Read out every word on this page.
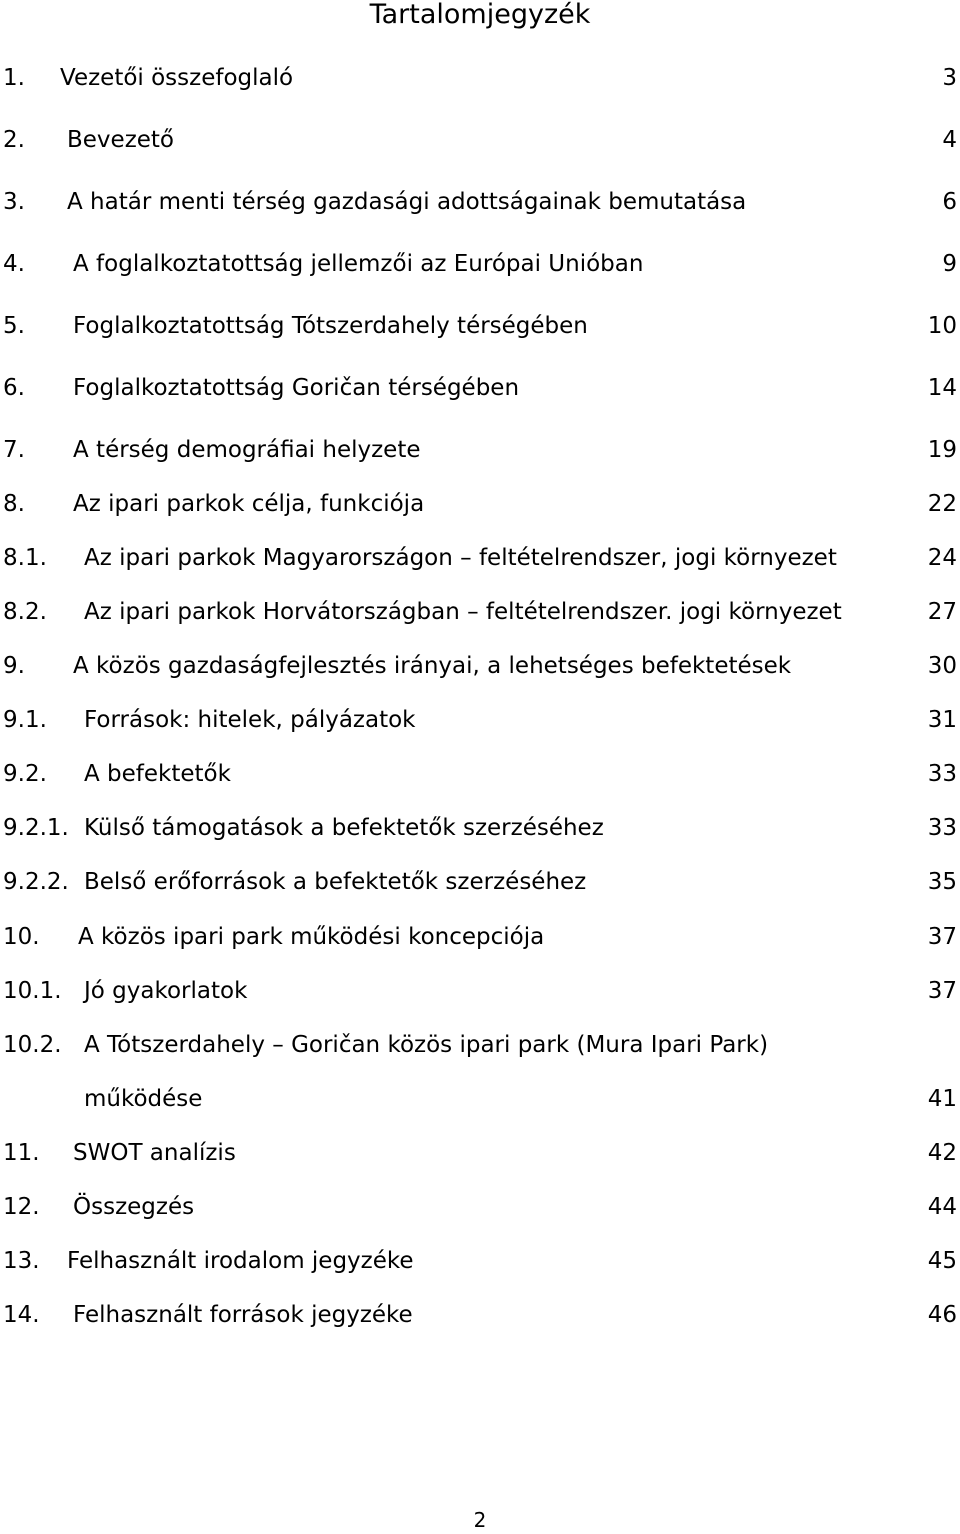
Tartalomjegyzék
1. Vezetői összefoglaló	3
2. Bevezető	4
3. A határ menti térség gazdasági adottságainak bemutatása	6
4. A foglalkoztatottság jellemzői az Európai Unióban	9
5. Foglalkoztatottság Tótszerdahely térségében	10
6. Foglalkoztatottság Goričan térségében	14
7. A térség demográfiai helyzete	19
8. Az ipari parkok célja, funkciója	22
8.1. Az ipari parkok Magyarországon – feltételrendszer, jogi környezet	24
8.2. Az ipari parkok Horvátországban – feltételrendszer. jogi környezet	27
9. A közös gazdaságfejlesztés irányai, a lehetséges befektetések	30
9.1. Források: hitelek, pályázatok	31
9.2. A befektetők	33
9.2.1. Külső támogatások a befektetők szerzéséhez	33
9.2.2. Belső erőforrások a befektetők szerzéséhez	35
10. A közös ipari park működési koncepciója	37
10.1. Jó gyakorlatok	37
10.2. A Tótszerdahely – Goričan közös ipari park (Mura Ipari Park)
működése	41
11. SWOT analízis	42
12. Összegzés	44
13. Felhasznált irodalom jegyzéke	45
14. Felhasznált források jegyzéke	46
2
